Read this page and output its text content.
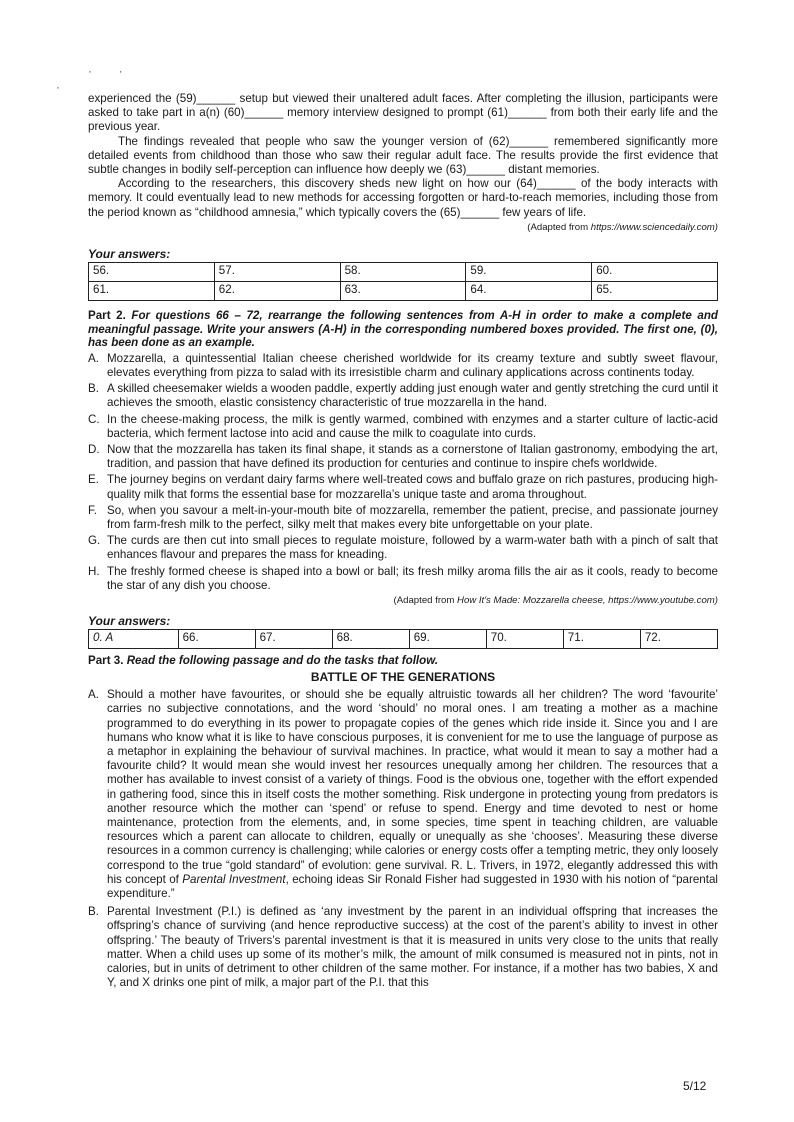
·        ·
·

experienced the (59)______ setup but viewed their unaltered adult faces. After completing the illusion, participants were asked to take part in a(n) (60)______ memory interview designed to prompt (61)______ from both their early life and the previous year.

The findings revealed that people who saw the younger version of (62)______ remembered significantly more detailed events from childhood than those who saw their regular adult face. The results provide the first evidence that subtle changes in bodily self-perception can influence how deeply we (63)______ distant memories.

According to the researchers, this discovery sheds new light on how our (64)______ of the body interacts with memory. It could eventually lead to new methods for accessing forgotten or hard-to-reach memories, including those from the period known as “childhood amnesia,” which typically covers the (65)______ few years of life.

(Adapted from https://www.sciencedaily.com)
Your answers:
56.	57.	58.	59.	60.
61.	62.	63.	64.	65.
Part 2. For questions 66 – 72, rearrange the following sentences from A-H in order to make a complete and meaningful passage. Write your answers (A-H) in the corresponding numbered boxes provided. The first one, (0), has been done as an example.
A. Mozzarella, a quintessential Italian cheese cherished worldwide for its creamy texture and subtly sweet flavour, elevates everything from pizza to salad with its irresistible charm and culinary applications across continents today.
B. A skilled cheesemaker wields a wooden paddle, expertly adding just enough water and gently stretching the curd until it achieves the smooth, elastic consistency characteristic of true mozzarella in the hand.
C. In the cheese-making process, the milk is gently warmed, combined with enzymes and a starter culture of lactic-acid bacteria, which ferment lactose into acid and cause the milk to coagulate into curds.
D. Now that the mozzarella has taken its final shape, it stands as a cornerstone of Italian gastronomy, embodying the art, tradition, and passion that have defined its production for centuries and continue to inspire chefs worldwide.
E. The journey begins on verdant dairy farms where well-treated cows and buffalo graze on rich pastures, producing high-quality milk that forms the essential base for mozzarella’s unique taste and aroma throughout.
F. So, when you savour a melt-in-your-mouth bite of mozzarella, remember the patient, precise, and passionate journey from farm-fresh milk to the perfect, silky melt that makes every bite unforgettable on your plate.
G. The curds are then cut into small pieces to regulate moisture, followed by a warm-water bath with a pinch of salt that enhances flavour and prepares the mass for kneading.
H. The freshly formed cheese is shaped into a bowl or ball; its fresh milky aroma fills the air as it cools, ready to become the star of any dish you choose.
(Adapted from How It's Made: Mozzarella cheese, https://www.youtube.com)
Your answers:
0. A	66.	67.	68.	69.	70.	71.	72.
Part 3. Read the following passage and do the tasks that follow.
BATTLE OF THE GENERATIONS
A. Should a mother have favourites, or should she be equally altruistic towards all her children? The word ‘favourite’ carries no subjective connotations, and the word ‘should’ no moral ones. I am treating a mother as a machine programmed to do everything in its power to propagate copies of the genes which ride inside it. Since you and I are humans who know what it is like to have conscious purposes, it is convenient for me to use the language of purpose as a metaphor in explaining the behaviour of survival machines. In practice, what would it mean to say a mother had a favourite child? It would mean she would invest her resources unequally among her children. The resources that a mother has available to invest consist of a variety of things. Food is the obvious one, together with the effort expended in gathering food, since this in itself costs the mother something. Risk undergone in protecting young from predators is another resource which the mother can ‘spend’ or refuse to spend. Energy and time devoted to nest or home maintenance, protection from the elements, and, in some species, time spent in teaching children, are valuable resources which a parent can allocate to children, equally or unequally as she ‘chooses’. Measuring these diverse resources in a common currency is challenging; while calories or energy costs offer a tempting metric, they only loosely correspond to the true “gold standard” of evolution: gene survival. R. L. Trivers, in 1972, elegantly addressed this with his concept of Parental Investment, echoing ideas Sir Ronald Fisher had suggested in 1930 with his notion of “parental expenditure.”
B. Parental Investment (P.I.) is defined as ‘any investment by the parent in an individual offspring that increases the offspring’s chance of surviving (and hence reproductive success) at the cost of the parent’s ability to invest in other offspring.’ The beauty of Trivers’s parental investment is that it is measured in units very close to the units that really matter. When a child uses up some of its mother’s milk, the amount of milk consumed is measured not in pints, not in calories, but in units of detriment to other children of the same mother. For instance, if a mother has two babies, X and Y, and X drinks one pint of milk, a major part of the P.I. that this
5/12
